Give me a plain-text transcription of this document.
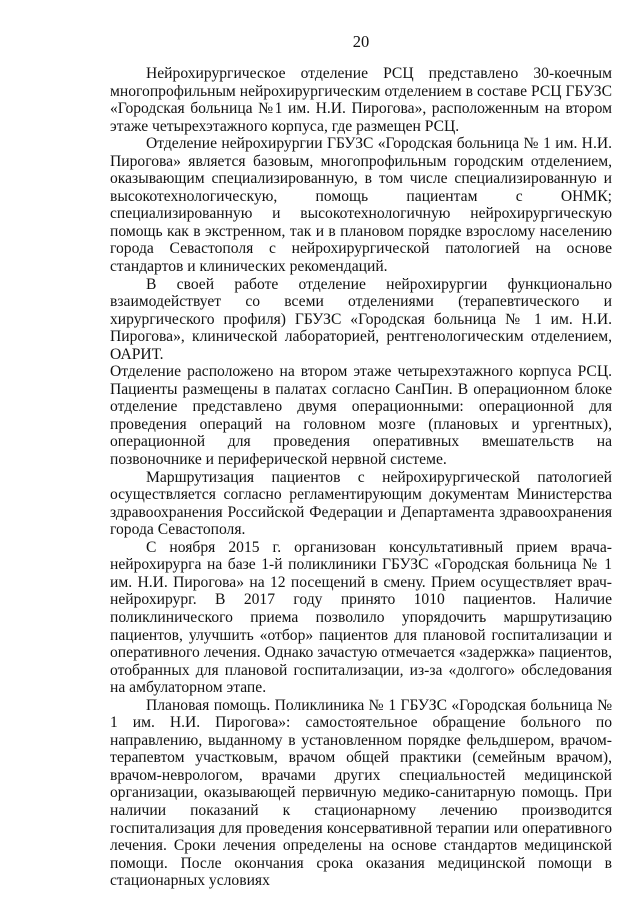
20

Нейрохирургическое отделение РСЦ представлено 30-коечным многопрофильным нейрохирургическим отделением в составе РСЦ ГБУЗС «Городская больница №1 им. Н.И. Пирогова», расположенным на втором этаже четырехэтажного корпуса, где размещен РСЦ.

Отделение нейрохирургии ГБУЗС «Городская больница № 1 им. Н.И. Пирогова» является базовым, многопрофильным городским отделением, оказывающим специализированную, в том числе специализированную и высокотехнологическую, помощь пациентам с ОНМК; специализированную и высокотехнологичную нейрохирургическую помощь как в экстренном, так и в плановом порядке взрослому населению города Севастополя с нейрохирургической патологией на основе стандартов и клинических рекомендаций.

В своей работе отделение нейрохирургии функционально взаимодействует со всеми отделениями (терапевтического и хирургического профиля) ГБУЗС «Городская больница № 1 им. Н.И. Пирогова», клинической лабораторией, рентгенологическим отделением, ОАРИТ.

Отделение расположено на втором этаже четырехэтажного корпуса РСЦ. Пациенты размещены в палатах согласно СанПин. В операционном блоке отделение представлено двумя операционными: операционной для проведения операций на головном мозге (плановых и ургентных), операционной для проведения оперативных вмешательств на позвоночнике и периферической нервной системе.

Маршрутизация пациентов с нейрохирургической патологией осуществляется согласно регламентирующим документам Министерства здравоохранения Российской Федерации и Департамента здравоохранения города Севастополя.

С ноября 2015 г. организован консультативный прием врача-нейрохирурга на базе 1-й поликлиники ГБУЗС «Городская больница № 1 им. Н.И. Пирогова» на 12 посещений в смену. Прием осуществляет врач-нейрохирург. В 2017 году принято 1010 пациентов. Наличие поликлинического приема позволило упорядочить маршрутизацию пациентов, улучшить «отбор» пациентов для плановой госпитализации и оперативного лечения. Однако зачастую отмечается «задержка» пациентов, отобранных для плановой госпитализации, из-за «долгого» обследования на амбулаторном этапе.

Плановая помощь. Поликлиника № 1 ГБУЗС «Городская больница № 1 им. Н.И. Пирогова»: самостоятельное обращение больного по направлению, выданному в установленном порядке фельдшером, врачом-терапевтом участковым, врачом общей практики (семейным врачом), врачом-неврологом, врачами других специальностей медицинской организации, оказывающей первичную медико-санитарную помощь. При наличии показаний к стационарному лечению производится госпитализация для проведения консервативной терапии или оперативного лечения. Сроки лечения определены на основе стандартов медицинской помощи. После окончания срока оказания медицинской помощи в стационарных условиях
